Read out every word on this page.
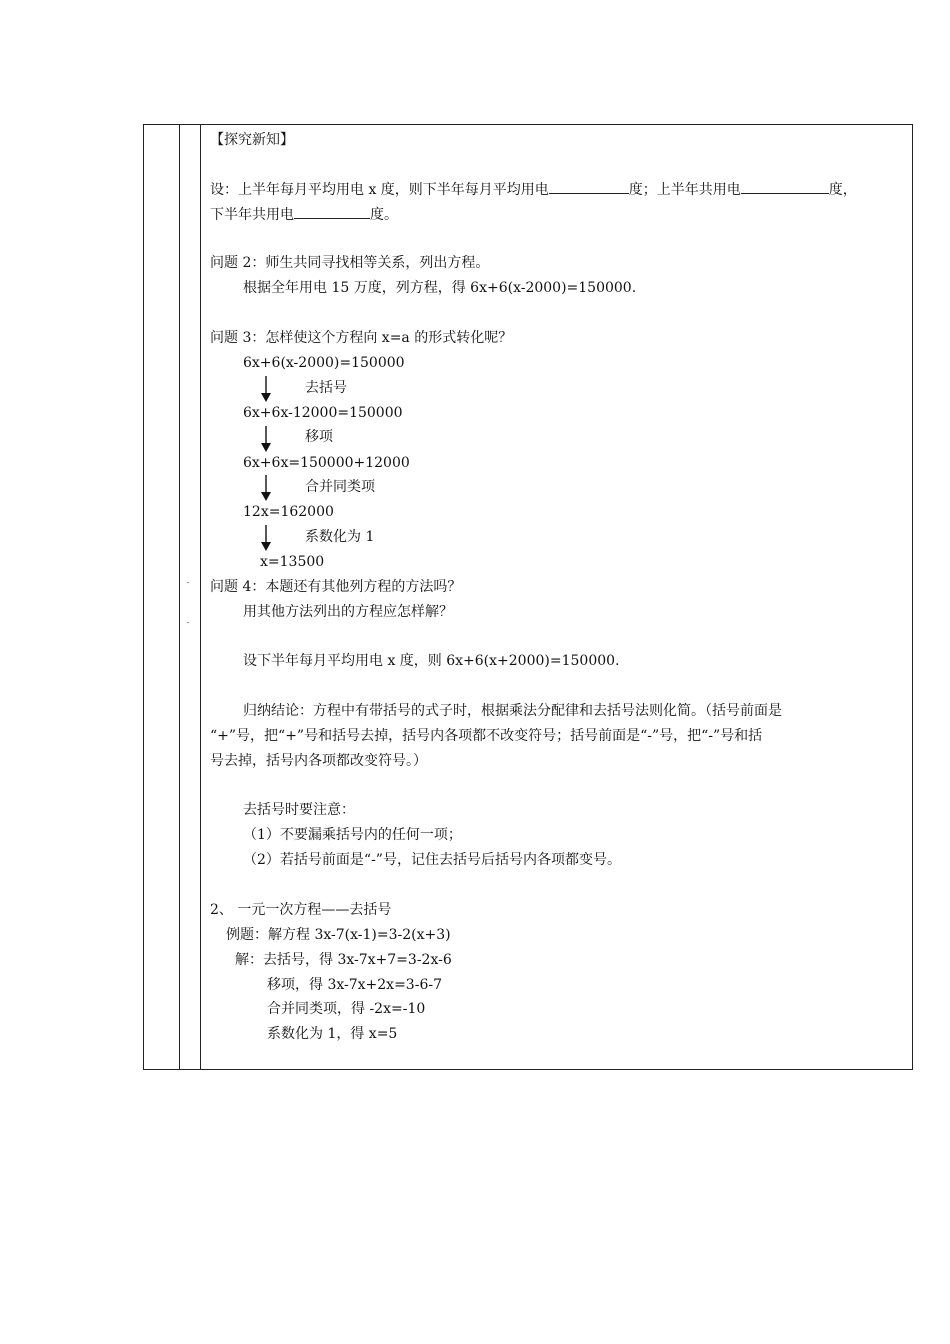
【探究新知】
设：上半年每月平均用电 x 度，则下半年每月平均用电	度；上半年共用电	度，
下半年共用电	度。
问题 2：师生共同寻找相等关系，列出方程。
根据全年用电 15 万度，列方程，得 6x+6(x-2000)=150000.
问题 3：怎样使这个方程向 x=a 的形式转化呢？
6x+6(x-2000)=150000
去括号
6x+6x-12000=150000
移项
6x+6x=150000+12000
合并同类项
12x=162000
系数化为 1
x=13500
问题 4：本题还有其他列方程的方法吗？
用其他方法列出的方程应怎样解？
设下半年每月平均用电 x 度，则 6x+6(x+2000)=150000.
归纳结论：方程中有带括号的式子时，根据乘法分配律和去括号法则化简。（括号前面是
“+”号，把“+”号和括号去掉，括号内各项都不改变符号；括号前面是“-”号，把“-”号和括
号去掉，括号内各项都改变符号。）
去括号时要注意：
（1）不要漏乘括号内的任何一项；
（2）若括号前面是“-”号，记住去括号后括号内各项都变号。
2、 一元一次方程——去括号
例题：解方程 3x-7(x-1)=3-2(x+3)
解：去括号，得 3x-7x+7=3-2x-6
移项，得 3x-7x+2x=3-6-7
合并同类项，得 -2x=-10
系数化为 1，得 x=5
